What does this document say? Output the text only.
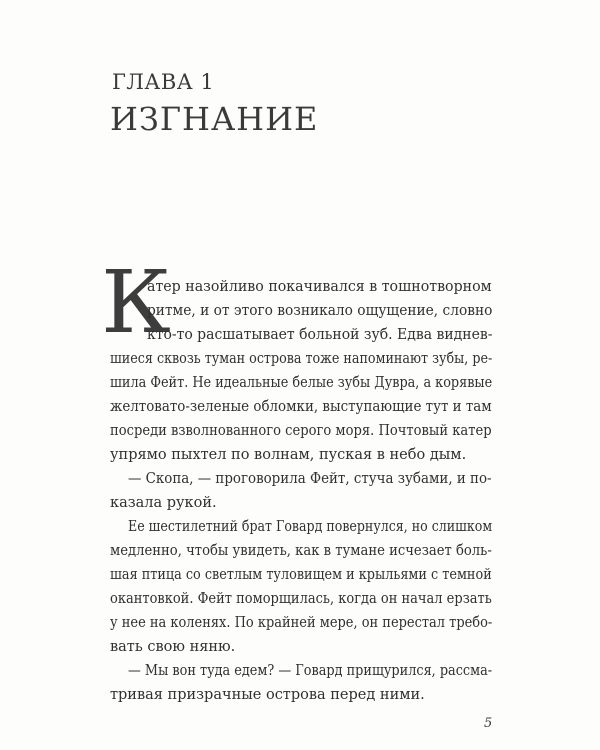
ГЛАВА 1
ИЗГНАНИЕ
К
атер назойливо покачивался в тошнотворном
ритме, и от этого возникало ощущение, словно
кто-то расшатывает больной зуб. Едва виднев-
шиеся сквозь туман острова тоже напоминают зубы, ре-
шила Фейт. Не идеальные белые зубы Дувра, а корявые
желтовато-зеленые обломки, выступающие тут и там
посреди взволнованного серого моря. Почтовый катер
упрямо пыхтел по волнам, пуская в небо дым.
— Скопа, — проговорила Фейт, стуча зубами, и по-
казала рукой.
Ее шестилетний брат Говард повернулся, но слишком
медленно, чтобы увидеть, как в тумане исчезает боль-
шая птица со светлым туловищем и крыльями с темной
окантовкой. Фейт поморщилась, когда он начал ерзать
у нее на коленях. По крайней мере, он перестал требо-
вать свою няню.
— Мы вон туда едем? — Говард прищурился, рассма-
тривая призрачные острова перед ними.
5
